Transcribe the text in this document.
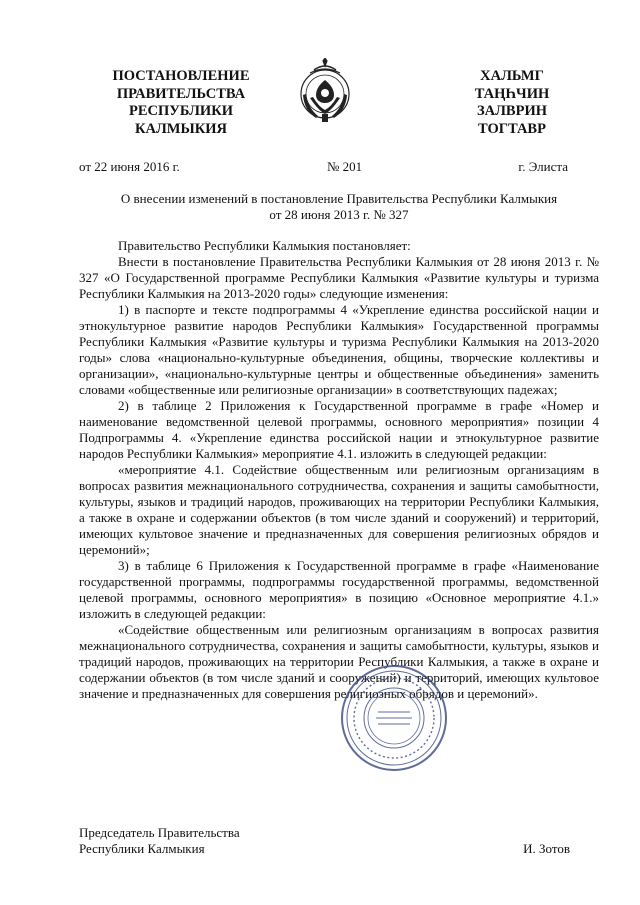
ПОСТАНОВЛЕНИЕ
ПРАВИТЕЛЬСТВА
РЕСПУБЛИКИ
КАЛМЫКИЯ
ХАЛЬМГ
ТАҢҺЧИН
ЗАЛВРИН
ТОГТАВР
от 22 июня 2016 г.	№ 201	г. Элиста
О внесении изменений в постановление Правительства Республики Калмыкия
от 28 июня 2013 г. № 327

Правительство Республики Калмыкия постановляет:

Внести в постановление Правительства Республики Калмыкия от 28 июня 2013 г. № 327 «О Государственной программе Республики Калмыкия «Развитие культуры и туризма Республики Калмыкия на 2013-2020 годы» следующие изменения:

1) в паспорте и тексте подпрограммы 4 «Укрепление единства российской нации и этнокультурное развитие народов Республики Калмыкия» Государственной программы Республики Калмыкия «Развитие культуры и туризма Республики Калмыкия на 2013-2020 годы» слова «национально-культурные объединения, общины, творческие коллективы и организации», «национально-культурные центры и общественные объединения» заменить словами «общественные или религиозные организации» в соответствующих падежах;

2) в таблице 2 Приложения к Государственной программе в графе «Номер и наименование ведомственной целевой программы, основного мероприятия» позиции 4 Подпрограммы 4. «Укрепление единства российской нации и этнокультурное развитие народов Республики Калмыкия» мероприятие 4.1. изложить в следующей редакции:

«мероприятие 4.1. Содействие общественным или религиозным организациям в вопросах развития межнационального сотрудничества, сохранения и защиты самобытности, культуры, языков и традиций народов, проживающих на территории Республики Калмыкия, а также в охране и содержании объектов (в том числе зданий и сооружений) и территорий, имеющих культовое значение и предназначенных для совершения религиозных обрядов и церемоний»;

3) в таблице 6 Приложения к Государственной программе в графе «Наименование государственной программы, подпрограммы государственной программы, ведомственной целевой программы, основного мероприятия» в позицию «Основное мероприятие 4.1.» изложить в следующей редакции:

«Содействие общественным или религиозным организациям в вопросах развития межнационального сотрудничества, сохранения и защиты самобытности, культуры, языков и традиций народов, проживающих на территории Республики Калмыкия, а также в охране и содержании объектов (в том числе зданий и сооружений) и территорий, имеющих культовое значение и предназначенных для совершения религиозных обрядов и церемоний».

Председатель Правительства
Республики Калмыкия	И. Зотов
